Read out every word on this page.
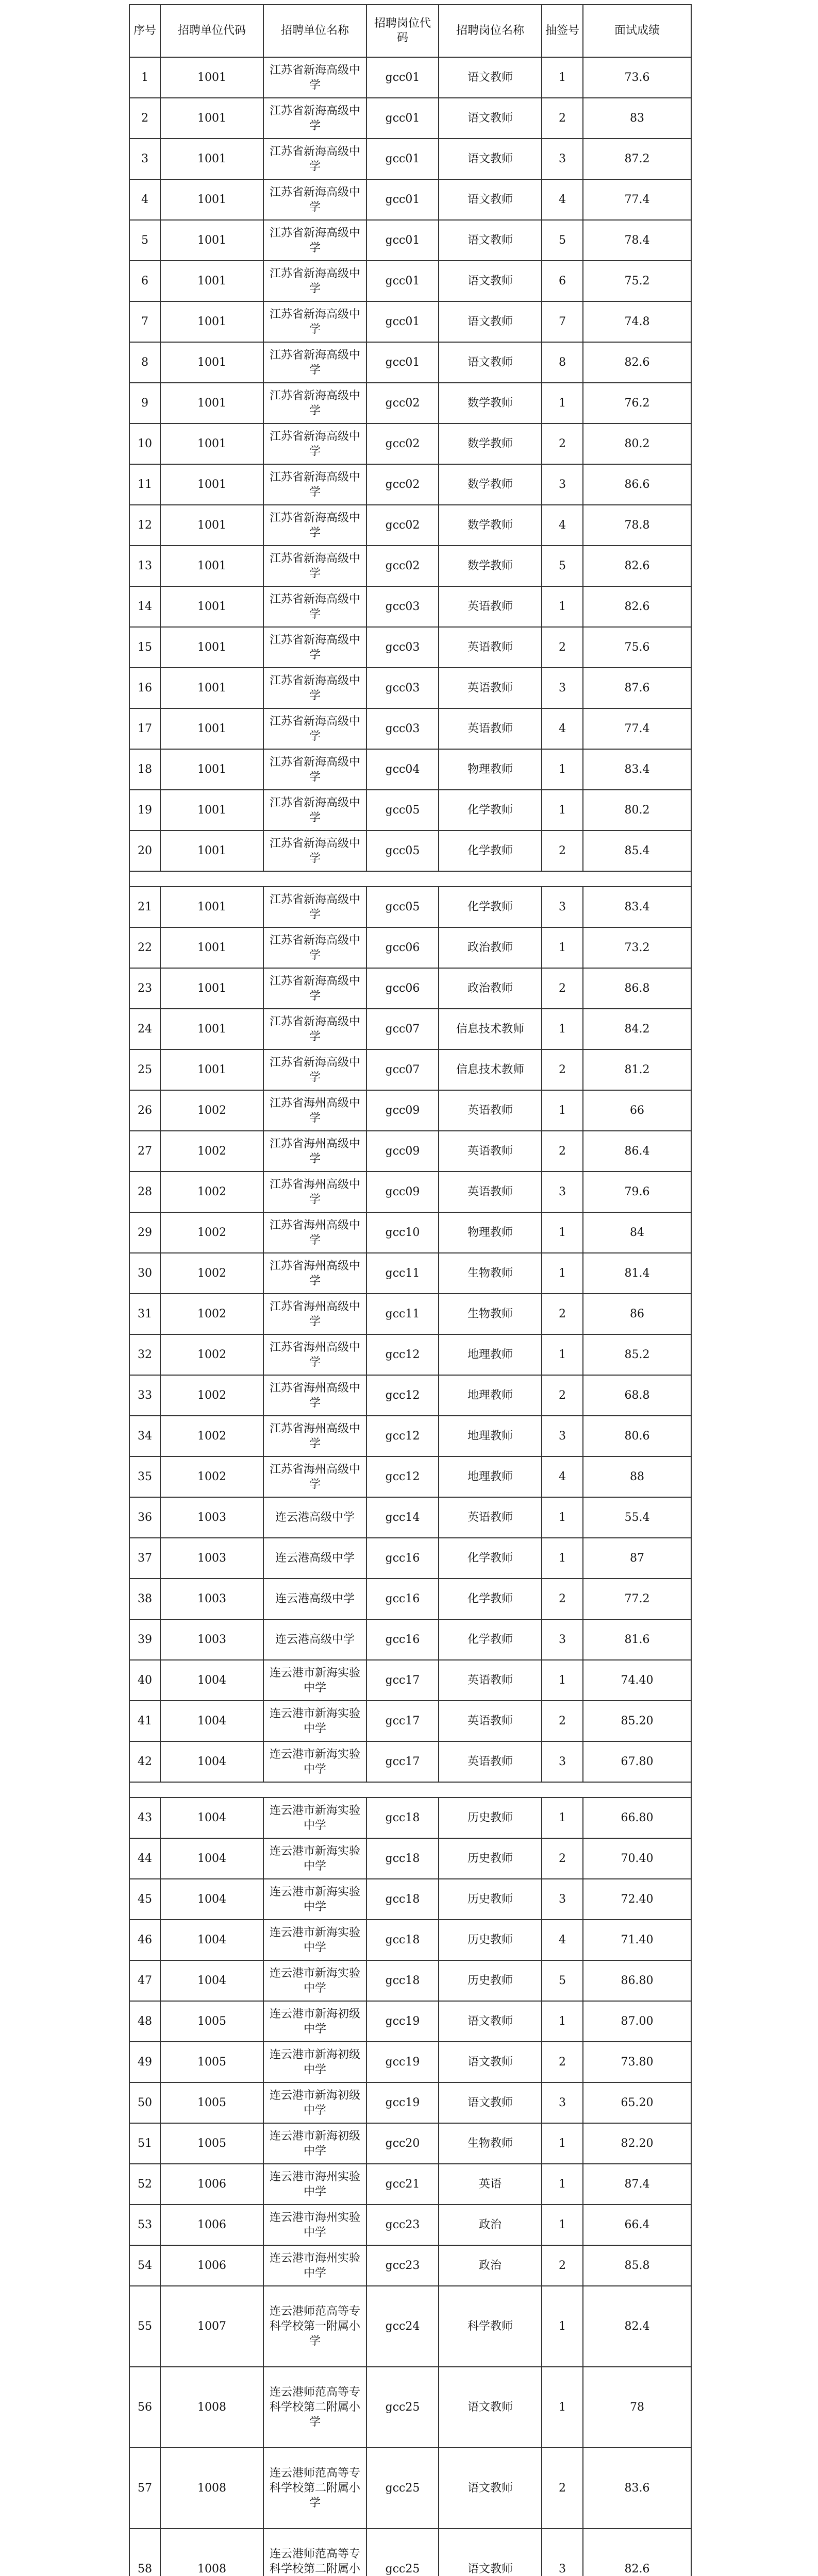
序号	招聘单位代码	招聘单位名称	招聘岗位代码	招聘岗位名称	抽签号	面试成绩
1	1001	江苏省新海高级中学	gcc01	语文教师	1	73.6
2	1001	江苏省新海高级中学	gcc01	语文教师	2	83
3	1001	江苏省新海高级中学	gcc01	语文教师	3	87.2
4	1001	江苏省新海高级中学	gcc01	语文教师	4	77.4
5	1001	江苏省新海高级中学	gcc01	语文教师	5	78.4
6	1001	江苏省新海高级中学	gcc01	语文教师	6	75.2
7	1001	江苏省新海高级中学	gcc01	语文教师	7	74.8
8	1001	江苏省新海高级中学	gcc01	语文教师	8	82.6
9	1001	江苏省新海高级中学	gcc02	数学教师	1	76.2
10	1001	江苏省新海高级中学	gcc02	数学教师	2	80.2
11	1001	江苏省新海高级中学	gcc02	数学教师	3	86.6
12	1001	江苏省新海高级中学	gcc02	数学教师	4	78.8
13	1001	江苏省新海高级中学	gcc02	数学教师	5	82.6
14	1001	江苏省新海高级中学	gcc03	英语教师	1	82.6
15	1001	江苏省新海高级中学	gcc03	英语教师	2	75.6
16	1001	江苏省新海高级中学	gcc03	英语教师	3	87.6
17	1001	江苏省新海高级中学	gcc03	英语教师	4	77.4
18	1001	江苏省新海高级中学	gcc04	物理教师	1	83.4
19	1001	江苏省新海高级中学	gcc05	化学教师	1	80.2
20	1001	江苏省新海高级中学	gcc05	化学教师	2	85.4

21	1001	江苏省新海高级中学	gcc05	化学教师	3	83.4
22	1001	江苏省新海高级中学	gcc06	政治教师	1	73.2
23	1001	江苏省新海高级中学	gcc06	政治教师	2	86.8
24	1001	江苏省新海高级中学	gcc07	信息技术教师	1	84.2
25	1001	江苏省新海高级中学	gcc07	信息技术教师	2	81.2
26	1002	江苏省海州高级中学	gcc09	英语教师	1	66
27	1002	江苏省海州高级中学	gcc09	英语教师	2	86.4
28	1002	江苏省海州高级中学	gcc09	英语教师	3	79.6
29	1002	江苏省海州高级中学	gcc10	物理教师	1	84
30	1002	江苏省海州高级中学	gcc11	生物教师	1	81.4
31	1002	江苏省海州高级中学	gcc11	生物教师	2	86
32	1002	江苏省海州高级中学	gcc12	地理教师	1	85.2
33	1002	江苏省海州高级中学	gcc12	地理教师	2	68.8
34	1002	江苏省海州高级中学	gcc12	地理教师	3	80.6
35	1002	江苏省海州高级中学	gcc12	地理教师	4	88
36	1003	连云港高级中学	gcc14	英语教师	1	55.4
37	1003	连云港高级中学	gcc16	化学教师	1	87
38	1003	连云港高级中学	gcc16	化学教师	2	77.2
39	1003	连云港高级中学	gcc16	化学教师	3	81.6
40	1004	连云港市新海实验中学	gcc17	英语教师	1	74.40
41	1004	连云港市新海实验中学	gcc17	英语教师	2	85.20
42	1004	连云港市新海实验中学	gcc17	英语教师	3	67.80

43	1004	连云港市新海实验中学	gcc18	历史教师	1	66.80
44	1004	连云港市新海实验中学	gcc18	历史教师	2	70.40
45	1004	连云港市新海实验中学	gcc18	历史教师	3	72.40
46	1004	连云港市新海实验中学	gcc18	历史教师	4	71.40
47	1004	连云港市新海实验中学	gcc18	历史教师	5	86.80
48	1005	连云港市新海初级中学	gcc19	语文教师	1	87.00
49	1005	连云港市新海初级中学	gcc19	语文教师	2	73.80
50	1005	连云港市新海初级中学	gcc19	语文教师	3	65.20
51	1005	连云港市新海初级中学	gcc20	生物教师	1	82.20
52	1006	连云港市海州实验中学	gcc21	英语	1	87.4
53	1006	连云港市海州实验中学	gcc23	政治	1	66.4
54	1006	连云港市海州实验中学	gcc23	政治	2	85.8
55	1007	连云港师范高等专科学校第一附属小学	gcc24	科学教师	1	82.4
56	1008	连云港师范高等专科学校第二附属小学	gcc25	语文教师	1	78
57	1008	连云港师范高等专科学校第二附属小学	gcc25	语文教师	2	83.6
58	1008	连云港师范高等专科学校第二附属小	gcc25	语文教师	3	82.6
